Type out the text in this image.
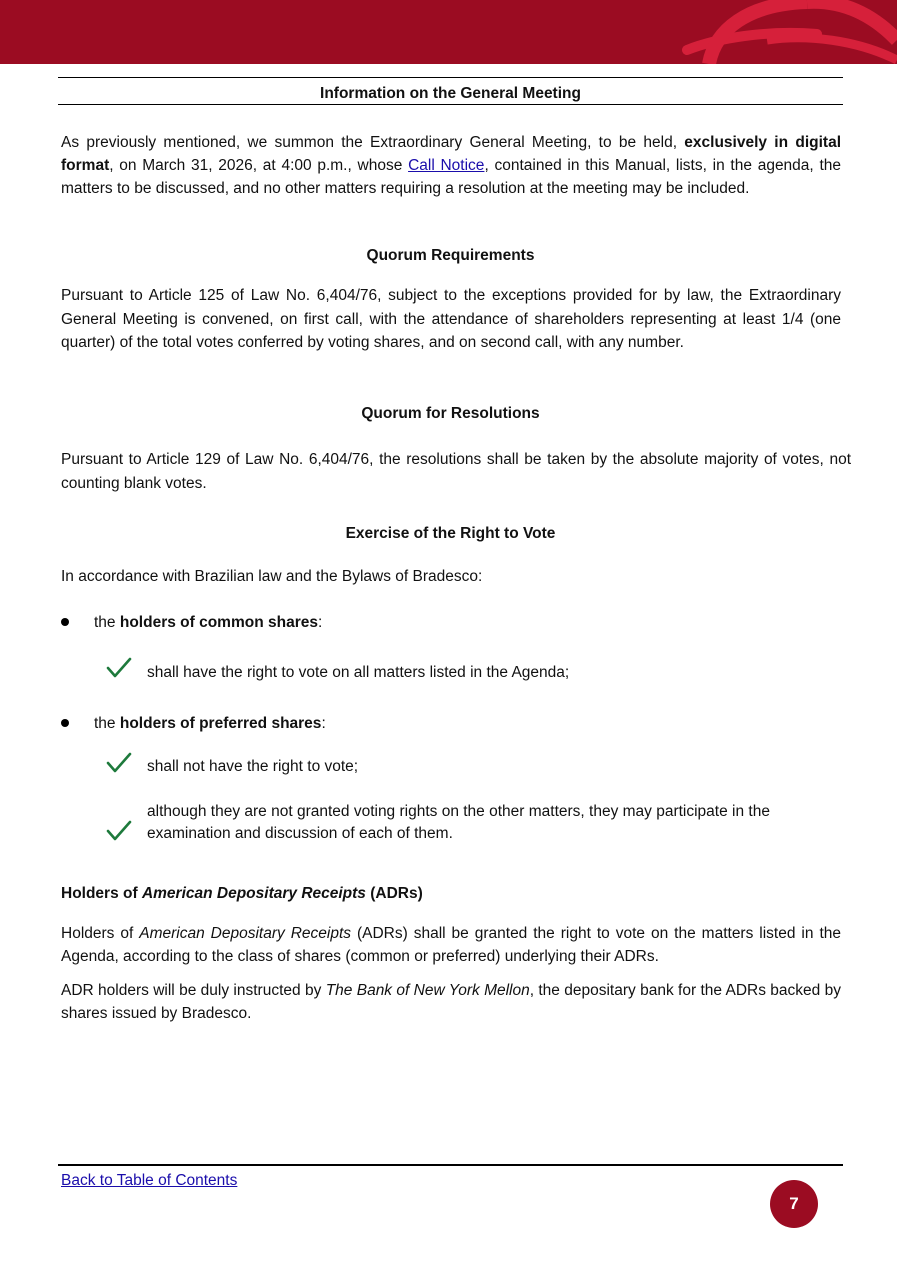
Information on the General Meeting

As previously mentioned, we summon the Extraordinary General Meeting, to be held, exclusively in digital format, on March 31, 2026, at 4:00 p.m., whose Call Notice, contained in this Manual, lists, in the agenda, the matters to be discussed, and no other matters requiring a resolution at the meeting may be included.

Quorum Requirements

Pursuant to Article 125 of Law No. 6,404/76, subject to the exceptions provided for by law, the Extraordinary General Meeting is convened, on first call, with the attendance of shareholders representing at least 1/4 (one quarter) of the total votes conferred by voting shares, and on second call, with any number.

Quorum for Resolutions

Pursuant to Article 129 of Law No. 6,404/76, the resolutions shall be taken by the absolute majority of votes, not counting blank votes.

Exercise of the Right to Vote

In accordance with Brazilian law and the Bylaws of Bradesco:

the holders of common shares:
shall have the right to vote on all matters listed in the Agenda;
the holders of preferred shares:
shall not have the right to vote;
although they are not granted voting rights on the other matters, they may participate in the examination and discussion of each of them.
Holders of American Depositary Receipts (ADRs)

Holders of American Depositary Receipts (ADRs) shall be granted the right to vote on the matters listed in the Agenda, according to the class of shares (common or preferred) underlying their ADRs.

ADR holders will be duly instructed by The Bank of New York Mellon, the depositary bank for the ADRs backed by shares issued by Bradesco.

Back to Table of Contents
7
